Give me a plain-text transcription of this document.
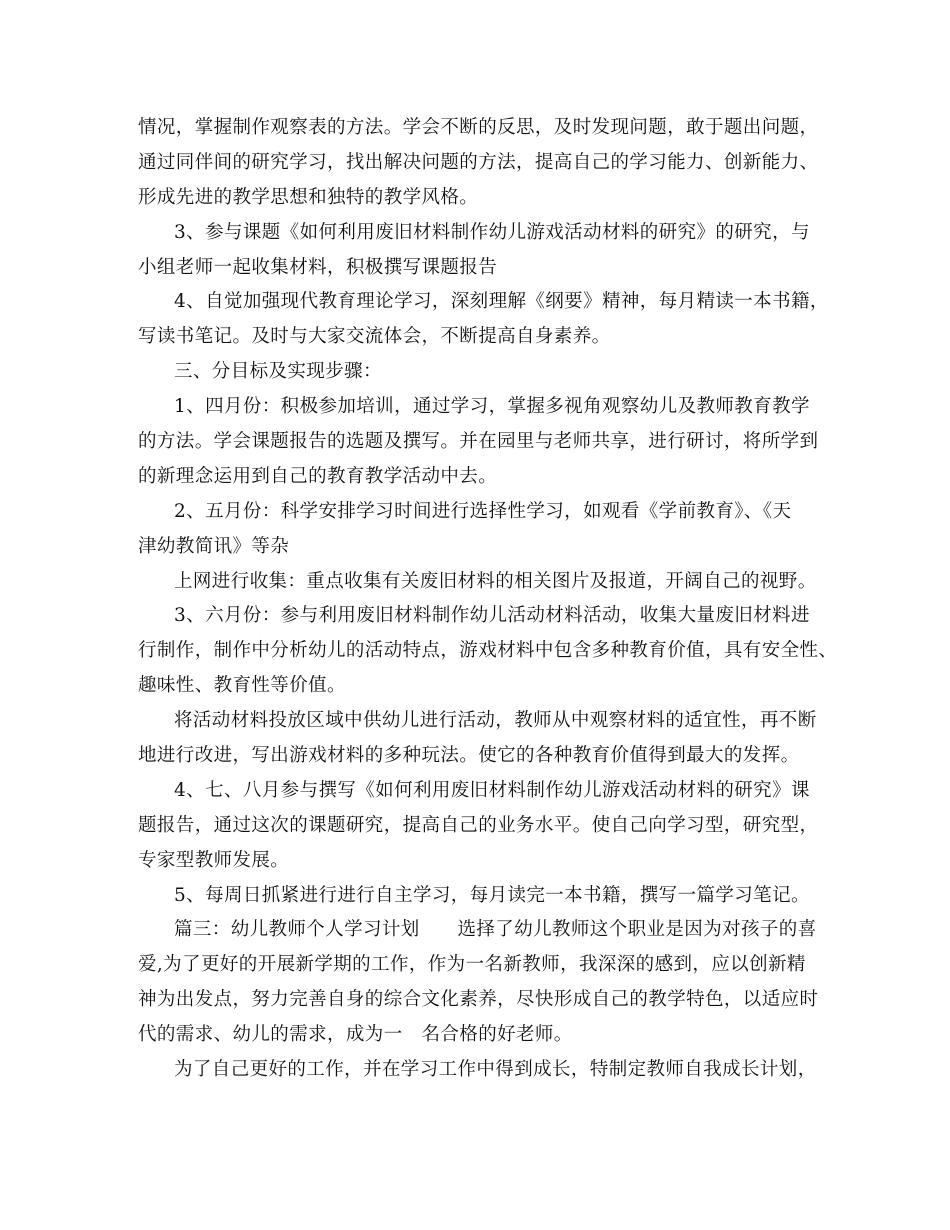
情况，掌握制作观察表的方法。学会不断的反思，及时发现问题，敢于题出问题，
通过同伴间的研究学习，找出解决问题的方法，提高自己的学习能力、创新能力、
形成先进的教学思想和独特的教学风格。
3、参与课题《如何利用废旧材料制作幼儿游戏活动材料的研究》的研究，与
小组老师一起收集材料，积极撰写课题报告
4、自觉加强现代教育理论学习，深刻理解《纲要》精神，每月精读一本书籍，
写读书笔记。及时与大家交流体会，不断提高自身素养。
三、分目标及实现步骤：
1、四月份：积极参加培训，通过学习，掌握多视角观察幼儿及教师教育教学
的方法。学会课题报告的选题及撰写。并在园里与老师共享，进行研讨，将所学到
的新理念运用到自己的教育教学活动中去。
2、五月份：科学安排学习时间进行选择性学习，如观看《学前教育》、《天
津幼教简讯》等杂
上网进行收集：重点收集有关废旧材料的相关图片及报道，开阔自己的视野。
3、六月份：参与利用废旧材料制作幼儿活动材料活动，收集大量废旧材料进
行制作，制作中分析幼儿的活动特点，游戏材料中包含多种教育价值，具有安全性、
趣味性、教育性等价值。
将活动材料投放区域中供幼儿进行活动，教师从中观察材料的适宜性，再不断
地进行改进，写出游戏材料的多种玩法。使它的各种教育价值得到最大的发挥。
4、七、八月参与撰写《如何利用废旧材料制作幼儿游戏活动材料的研究》课
题报告，通过这次的课题研究，提高自己的业务水平。使自己向学习型，研究型，
专家型教师发展。
5、每周日抓紧进行进行自主学习，每月读完一本书籍，撰写一篇学习笔记。
篇三：幼儿教师个人学习计划　　选择了幼儿教师这个职业是因为对孩子的喜
爱,为了更好的开展新学期的工作，作为一名新教师，我深深的感到，应以创新精
神为出发点，努力完善自身的综合文化素养，尽快形成自己的教学特色，以适应时
代的需求、幼儿的需求，成为一　名合格的好老师。
为了自己更好的工作，并在学习工作中得到成长，特制定教师自我成长计划，
